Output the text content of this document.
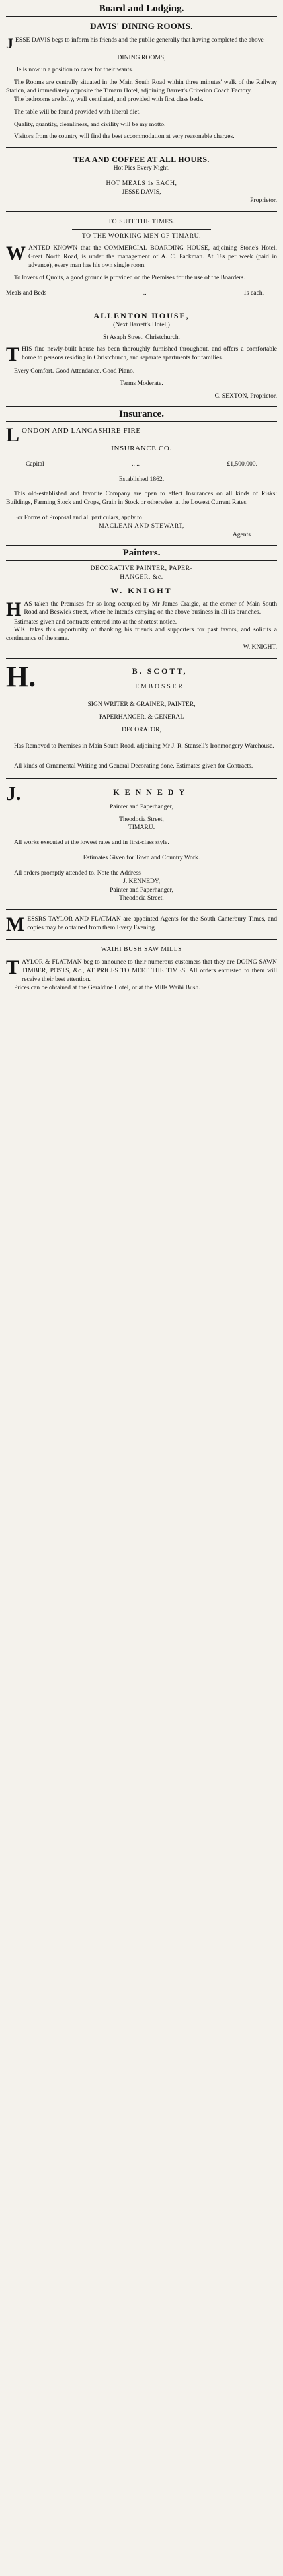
Board and Lodging.

DAVIS' DINING ROOMS.

J ESSE DAVIS begs to inform his friends and the public generally that having completed the above

DINING ROOMS,

He is now in a position to cater for their wants.

The Rooms are centrally situated in the Main South Road within three minutes' walk of the Railway Station, and immediately opposite the Timaru Hotel, adjoining Barrett's Criterion Coach Factory.

The bedrooms are lofty, well ventilated, and provided with first class beds.

The table will be found provided with liberal diet.

Quality, quantity, cleanliness, and civility will be my motto.

Visitors from the country will find the best accommodation at very reasonable charges.

TEA AND COFFEE AT ALL HOURS.

Hot Pies Every Night.

HOT MEALS 1s EACH,

JESSE DAVIS,

Proprietor.

TO SUIT THE TIMES.

TO THE WORKING MEN OF TIMARU.

W ANTED KNOWN that the COMMERCIAL BOARDING HOUSE, adjoining Stone's Hotel, Great North Road, is under the management of A. C. Packman. At 18s per week (paid in advance), every man has his own single room.

To lovers of Quoits, a good ground is provided on the Premises for the use of the Boarders.

Meals and Beds	..	1s each.

ALLENTON HOUSE,

(Next Barrett's Hotel,)

St Asaph Street, Christchurch.

T HIS fine newly-built house has been thoroughly furnished throughout, and offers a comfortable home to persons residing in Christchurch, and separate apartments for families.

Every Comfort. Good Attendance. Good Piano.

Terms Moderate.

C. SEXTON, Proprietor.

Insurance.

L ONDON AND LANCASHIRE FIRE

INSURANCE CO.

Capital	.. ..	£1,500,000.

Established 1862.

This old-established and favorite Company are open to effect Insurances on all kinds of Risks: Buildings, Farming Stock and Crops, Grain in Stock or otherwise, at the Lowest Current Rates.

For Forms of Proposal and all particulars, apply to

MACLEAN AND STEWART,

Agents

Painters.

DECORATIVE PAINTER, PAPER-

HANGER, &c.

W. KNIGHT

H AS taken the Premises for so long occupied by Mr James Craigie, at the corner of Main South Road and Beswick street, where he intends carrying on the above business in all its branches.

Estimates given and contracts entered into at the shortest notice.

W.K. takes this opportunity of thanking his friends and supporters for past favors, and solicits a continuance of the same.

W. KNIGHT.

H.	B. SCOTT,

EMBOSSER

SIGN WRITER & GRAINER, PAINTER,

PAPERHANGER, & GENERAL

DECORATOR,

Has Removed to Premises in Main South Road, adjoining Mr J. R. Stansell's Ironmongery Warehouse.

All kinds of Ornamental Writing and General Decorating done. Estimates given for Contracts.

J.	KENNEDY

Painter and Paperhanger,

Theodocia Street,

TIMARU.

All works executed at the lowest rates and in first-class style.

Estimates Given for Town and Country Work.

All orders promptly attended to. Note the Address—

J. KENNEDY,

Painter and Paperhanger,

Theodocia Street.

M ESSRS TAYLOR AND FLATMAN are appointed Agents for the South Canterbury Times, and copies may be obtained from them Every Evening.

WAIHI BUSH SAW MILLS

T AYLOR & FLATMAN beg to announce to their numerous customers that they are DOING SAWN TIMBER, POSTS, &c., AT PRICES TO MEET THE TIMES. All orders entrusted to them will receive their best attention.

Prices can be obtained at the Geraldine Hotel, or at the Mills Waihi Bush.
